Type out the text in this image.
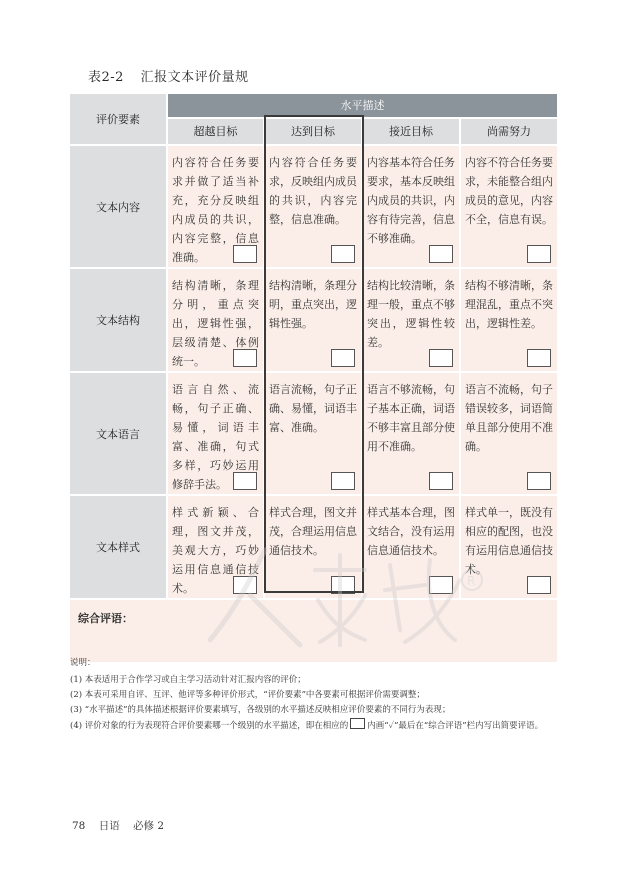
表2-2 汇报文本评价量规
评价要素	水平描述			
	超越目标	达到目标	接近目标	尚需努力
文本内容	内容符合任务要求并做了适当补充，充分反映组内成员的共识，内容完整，信息准确。	内容符合任务要求，反映组内成员的共识，内容完整，信息准确。	内容基本符合任务要求，基本反映组内成员的共识，内容有待完善，信息不够准确。	内容不符合任务要求，未能整合组内成员的意见，内容不全，信息有误。

文本结构	结构清晰，条理分明，重点突出，逻辑性强，层级清楚、体例统一。	结构清晰，条理分明，重点突出，逻辑性强。	结构比较清晰，条理一般，重点不够突出，逻辑性较差。	结构不够清晰，条理混乱，重点不突出，逻辑性差。

文本语言	语言自然、流畅，句子正确、易懂，词语丰富、准确，句式多样，巧妙运用修辞手法。	语言流畅，句子正确、易懂，词语丰富、准确。	语言不够流畅，句子基本正确，词语不够丰富且部分使用不准确。	语言不流畅，句子错误较多，词语简单且部分使用不准确。

文本样式	样式新颖、合理，图文并茂，美观大方，巧妙运用信息通信技术。	样式合理，图文并茂，合理运用信息通信技术。	样式基本合理，图文结合，没有运用信息通信技术。	样式单一，既没有相应的配图，也没有运用信息通信技术。

综合评语：				
R
说明：
(1) 本表适用于合作学习或自主学习活动针对汇报内容的评价；
(2) 本表可采用自评、互评、他评等多种评价形式，“评价要素”中各要素可根据评价需要调整；
(3) “水平描述”的具体描述根据评价要素填写，各级别的水平描述反映相应评价要素的不同行为表现；
(4) 评价对象的行为表现符合评价要素哪一个级别的水平描述，即在相应的 内画“✓”最后在“综合评语”栏内写出简要评语。
78 日语 必修 2
